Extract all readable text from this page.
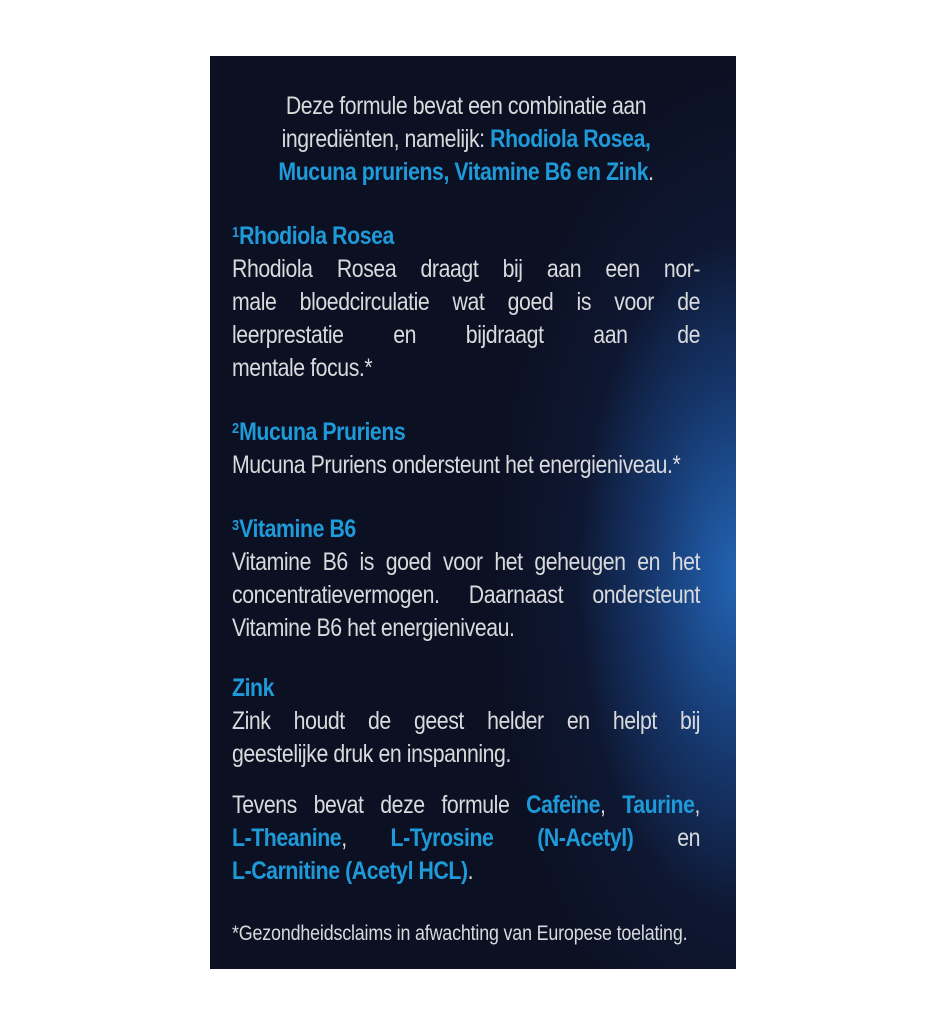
Deze formule bevat een combinatie aan
ingrediënten, namelijk: Rhodiola Rosea,
Mucuna pruriens, Vitamine B6 en Zink.
$^1$Rhodiola Rosea
Rhodiola Rosea draagt bij aan een nor-
male bloedcirculatie wat goed is voor de
leerprestatie en bijdraagt aan de
mentale focus.*
$^2$Mucuna Pruriens
Mucuna Pruriens ondersteunt het energieniveau.*
$^3$Vitamine B6
Vitamine B6 is goed voor het geheugen en het
concentratievermogen. Daarnaast ondersteunt
Vitamine B6 het energieniveau.
Zink
Zink houdt de geest helder en helpt bij
geestelijke druk en inspanning.
Tevens bevat deze formule Cafeïne, Taurine,
L-Theanine, L-Tyrosine (N-Acetyl) en
L-Carnitine (Acetyl HCL).
*Gezondheidsclaims in afwachting van Europese toelating.
